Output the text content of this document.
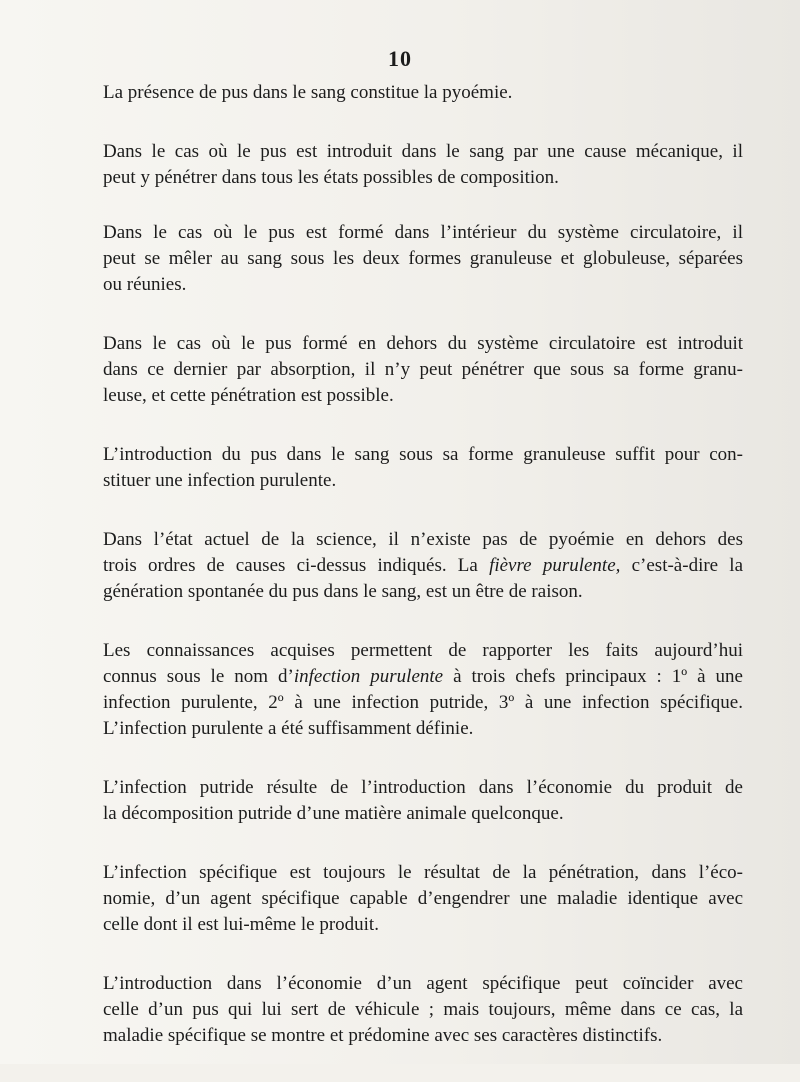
10

La présence de pus dans le sang constitue la pyoémie.

Dans le cas où le pus est introduit dans le sang par une cause mécanique, il
peut y pénétrer dans tous les états possibles de composition.

Dans le cas où le pus est formé dans l’intérieur du système circulatoire, il
peut se mêler au sang sous les deux formes granuleuse et globuleuse, séparées
ou réunies.

Dans le cas où le pus formé en dehors du système circulatoire est introduit
dans ce dernier par absorption, il n’y peut pénétrer que sous sa forme granu-
leuse, et cette pénétration est possible.

L’introduction du pus dans le sang sous sa forme granuleuse suffit pour con-
stituer une infection purulente.

Dans l’état actuel de la science, il n’existe pas de pyoémie en dehors des
trois ordres de causes ci-dessus indiqués. La fièvre purulente, c’est-à-dire la
génération spontanée du pus dans le sang, est un être de raison.

Les connaissances acquises permettent de rapporter les faits aujourd’hui
connus sous le nom d’infection purulente à trois chefs principaux : 1º à une
infection purulente, 2º à une infection putride, 3º à une infection spécifique.
L’infection purulente a été suffisamment définie.

L’infection putride résulte de l’introduction dans l’économie du produit de
la décomposition putride d’une matière animale quelconque.

L’infection spécifique est toujours le résultat de la pénétration, dans l’éco-
nomie, d’un agent spécifique capable d’engendrer une maladie identique avec
celle dont il est lui-même le produit.

L’introduction dans l’économie d’un agent spécifique peut coïncider avec
celle d’un pus qui lui sert de véhicule ; mais toujours, même dans ce cas, la
maladie spécifique se montre et prédomine avec ses caractères distinctifs.
